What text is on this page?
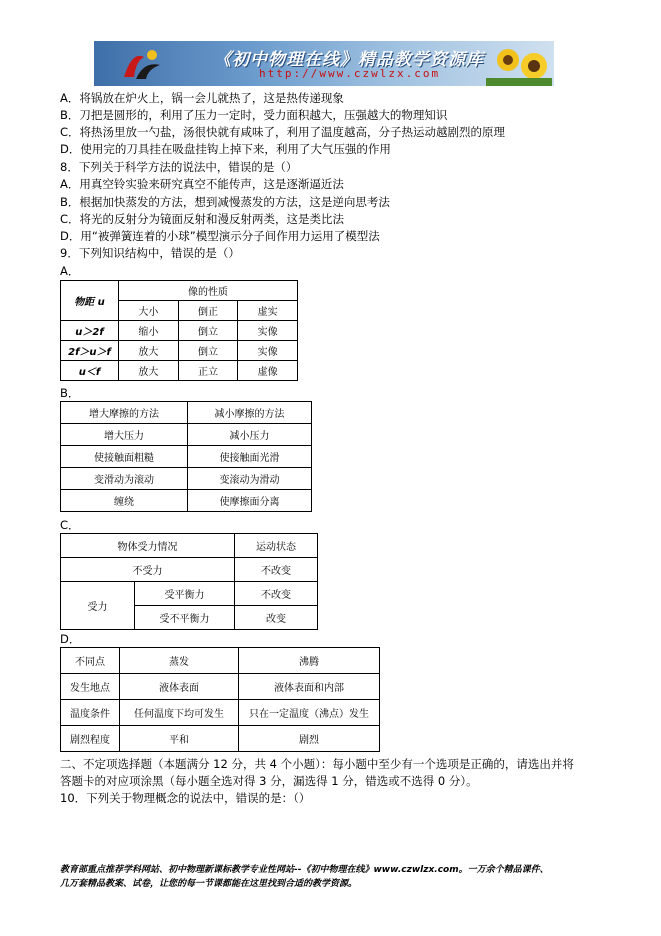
《初中物理在线》精品教学资源库
http://www.czwlzx.com
A．将锅放在炉火上，锅一会儿就热了，这是热传递现象
B．刀把是圆形的，利用了压力一定时，受力面积越大，压强越大的物理知识
C．将热汤里放一勺盐，汤很快就有咸味了，利用了温度越高，分子热运动越剧烈的原理
D．使用完的刀具挂在吸盘挂钩上掉下来，利用了大气压强的作用
8．下列关于科学方法的说法中，错误的是（）
A．用真空铃实验来研究真空不能传声，这是逐渐逼近法
B．根据加快蒸发的方法，想到减慢蒸发的方法，这是逆向思考法
C．将光的反射分为镜面反射和漫反射两类，这是类比法
D．用“被弹簧连着的小球”模型演示分子间作用力运用了模型法
9．下列知识结构中，错误的是（）
A．
物距 u	像的性质		
	大小	倒正	虚实
u＞2f	缩小	倒立	实像
2f＞u＞f	放大	倒立	实像
u＜f	放大	正立	虚像
B．
增大摩擦的方法	减小摩擦的方法
增大压力	减小压力
使接触面粗糙	使接触面光滑
变滑动为滚动	变滚动为滑动
缠绕	使摩擦面分离
C．
物体受力情况		运动状态
不受力		不改变
受力	受平衡力	不改变
	受不平衡力	改变
D．
不同点	蒸发	沸腾
发生地点	液体表面	液体表面和内部
温度条件	任何温度下均可发生	只在一定温度（沸点）发生
剧烈程度	平和	剧烈
二、不定项选择题（本题满分 12 分，共 4 个小题）：每小题中至少有一个选项是正确的，请选出并将
答题卡的对应项涂黑（每小题全选对得 3 分，漏选得 1 分，错选或不选得 0 分）。
10．下列关于物理概念的说法中，错误的是：（）
教育部重点推荐学科网站、初中物理新课标教学专业性网站--《初中物理在线》www.czwlzx.com。一万余个精品课件、
几万套精品教案、试卷，让您的每一节课都能在这里找到合适的教学资源。
